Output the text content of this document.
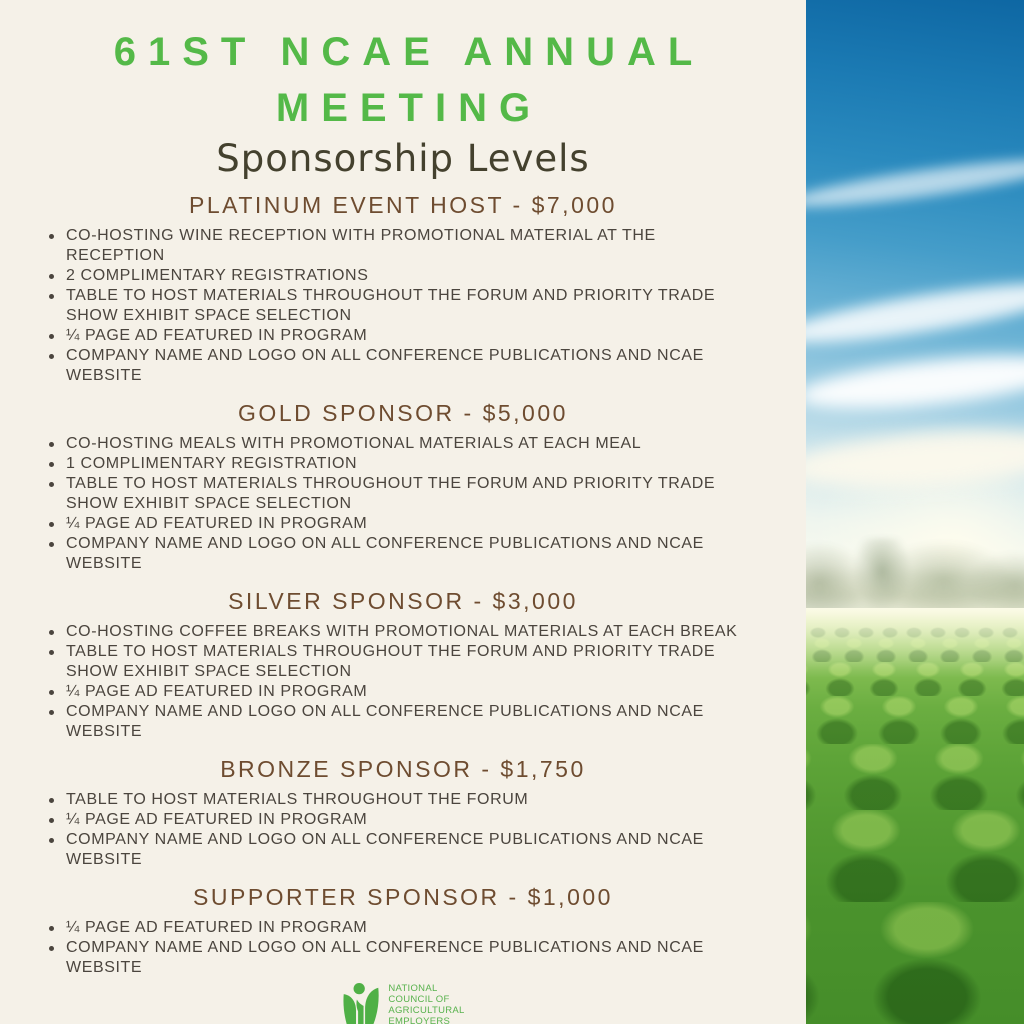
61ST NCAE ANNUAL
MEETING
Sponsorship Levels
PLATINUM EVENT HOST - $7,000
CO-HOSTING WINE RECEPTION WITH PROMOTIONAL MATERIAL AT THE RECEPTION
2 COMPLIMENTARY REGISTRATIONS
TABLE TO HOST MATERIALS THROUGHOUT THE FORUM AND PRIORITY TRADE SHOW EXHIBIT SPACE SELECTION
¼ PAGE AD FEATURED IN PROGRAM
COMPANY NAME AND LOGO ON ALL CONFERENCE PUBLICATIONS AND NCAE WEBSITE
GOLD SPONSOR - $5,000
CO-HOSTING MEALS WITH PROMOTIONAL MATERIALS AT EACH MEAL
1 COMPLIMENTARY REGISTRATION
TABLE TO HOST MATERIALS THROUGHOUT THE FORUM AND PRIORITY TRADE SHOW EXHIBIT SPACE SELECTION
¼ PAGE AD FEATURED IN PROGRAM
COMPANY NAME AND LOGO ON ALL CONFERENCE PUBLICATIONS AND NCAE WEBSITE
SILVER SPONSOR - $3,000
CO-HOSTING COFFEE BREAKS WITH PROMOTIONAL MATERIALS AT EACH BREAK
TABLE TO HOST MATERIALS THROUGHOUT THE FORUM AND PRIORITY TRADE SHOW EXHIBIT SPACE SELECTION
¼ PAGE AD FEATURED IN PROGRAM
COMPANY NAME AND LOGO ON ALL CONFERENCE PUBLICATIONS AND NCAE WEBSITE
BRONZE SPONSOR - $1,750
TABLE TO HOST MATERIALS THROUGHOUT THE FORUM
¼ PAGE AD FEATURED IN PROGRAM
COMPANY NAME AND LOGO ON ALL CONFERENCE PUBLICATIONS AND NCAE WEBSITE
SUPPORTER SPONSOR - $1,000
¼ PAGE AD FEATURED IN PROGRAM
COMPANY NAME AND LOGO ON ALL CONFERENCE PUBLICATIONS AND NCAE WEBSITE
NATIONAL
COUNCIL OF
AGRICULTURAL
EMPLOYERS
